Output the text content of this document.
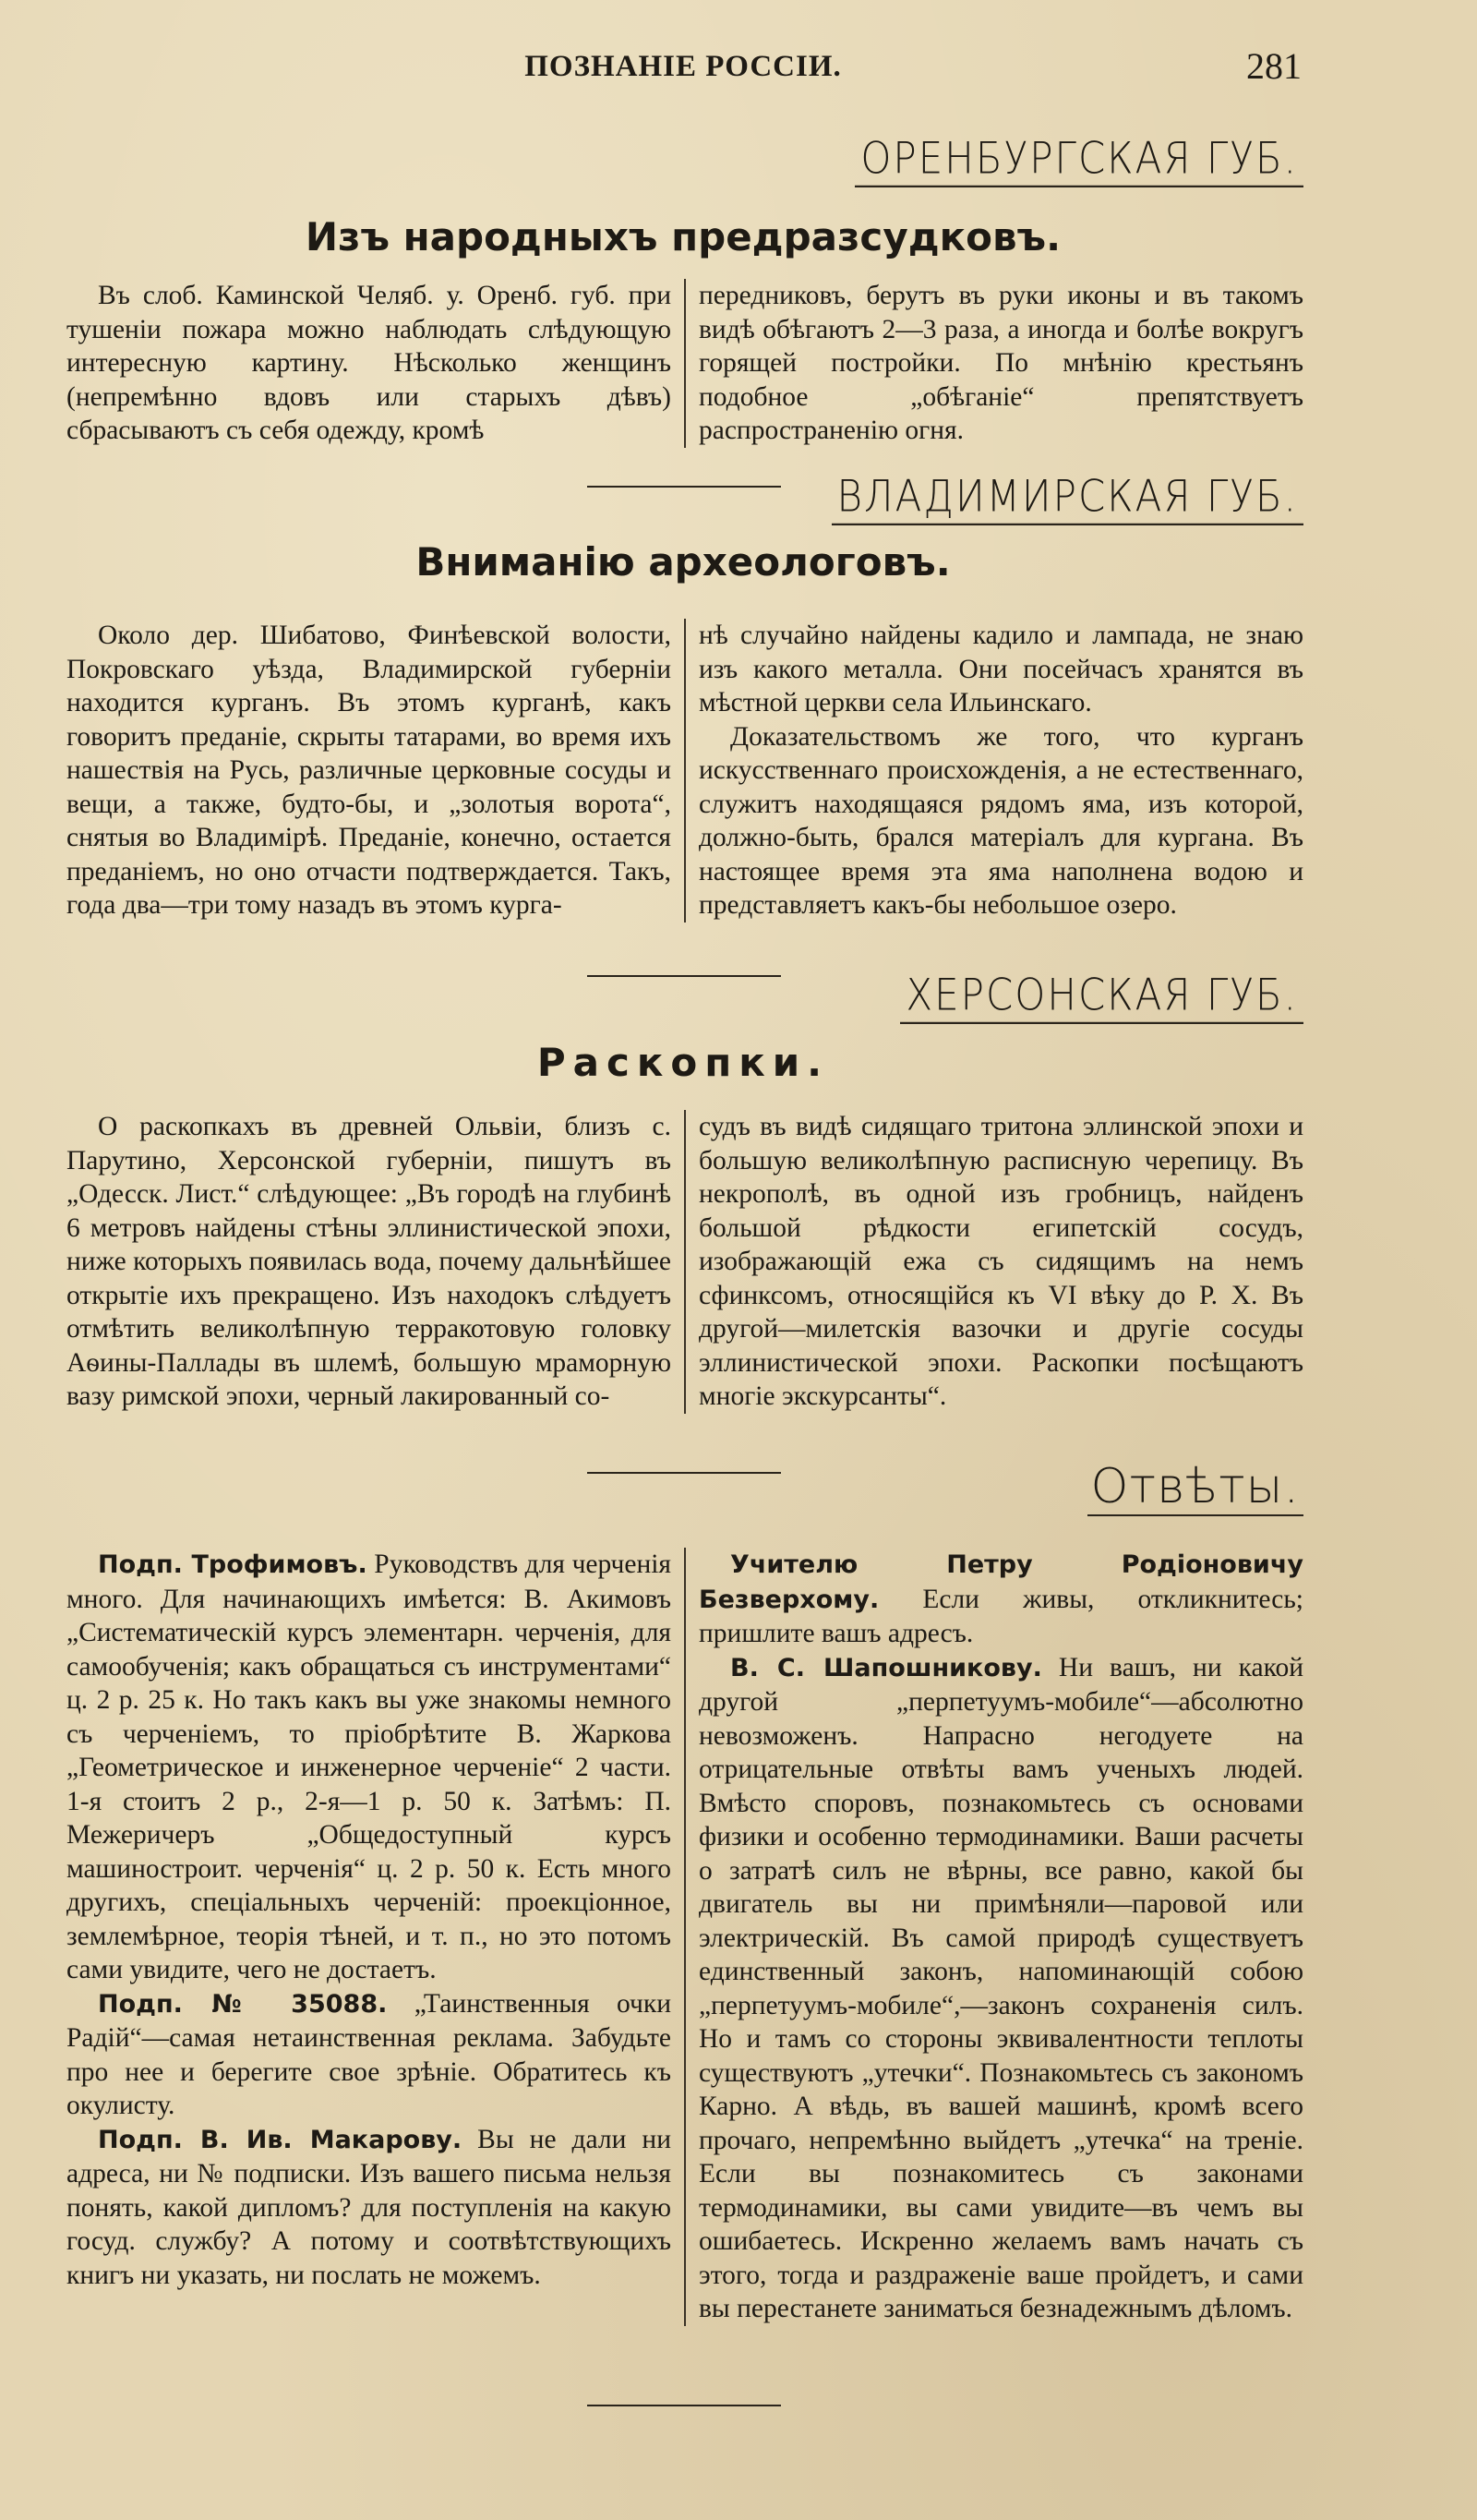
ПОЗНАНІЕ РОССІИ.	281
ОРЕНБУРГСКАЯ ГУБ.
Изъ народныхъ предразсудковъ.

Въ слоб. Каминской Челяб. у. Оренб. губ. при тушеніи пожара можно наблюдать слѣдующую интересную картину. Нѣсколько женщинъ (непремѣнно вдовъ или старыхъ дѣвъ) сбрасываютъ съ себя одежду, кромѣ

передниковъ, берутъ въ руки иконы и въ такомъ видѣ обѣгаютъ 2—3 раза, а иногда и болѣе вокругъ горящей постройки. По мнѣнію крестьянъ подобное „обѣганіе“ препятствуетъ распространенію огня.

ВЛАДИМИРСКАЯ ГУБ.
Вниманію археологовъ.

Около дер. Шибатово, Финѣевской волости, Покровскаго уѣзда, Владимирской губерніи находится курганъ. Въ этомъ курганѣ, какъ говоритъ преданіе, скрыты татарами, во время ихъ нашествія на Русь, различные церковные сосуды и вещи, а также, будто-бы, и „золотыя ворота“, снятыя во Владимірѣ. Преданіе, конечно, остается преданіемъ, но оно отчасти подтверждается. Такъ, года два—три тому назадъ въ этомъ курга-

нѣ случайно найдены кадило и лампада, не знаю изъ какого металла. Они посейчасъ хранятся въ мѣстной церкви села Ильинскаго.

Доказательствомъ же того, что курганъ искусственнаго происхожденія, а не естественнаго, служитъ находящаяся рядомъ яма, изъ которой, должно-быть, брался матеріалъ для кургана. Въ настоящее время эта яма наполнена водою и представляетъ какъ-бы небольшое озеро.

ХЕРСОНСКАЯ ГУБ.
Раскопки.

О раскопкахъ въ древней Ольвіи, близъ с. Парутино, Херсонской губерніи, пишутъ въ „Одесск. Лист.“ слѣдующее: „Въ городѣ на глубинѣ 6 метровъ найдены стѣны эллинистической эпохи, ниже которыхъ появилась вода, почему дальнѣйшее открытіе ихъ прекращено. Изъ находокъ слѣдуетъ отмѣтить великолѣпную терракотовую головку Аѳины-Паллады въ шлемѣ, большую мраморную вазу римской эпохи, черный лакированный со-

судъ въ видѣ сидящаго тритона эллинской эпохи и большую великолѣпную расписную черепицу. Въ некрополѣ, въ одной изъ гробницъ, найденъ большой рѣдкости египетскій сосудъ, изображающій ежа съ сидящимъ на немъ сфинксомъ, относящійся къ VI вѣку до Р. Х. Въ другой—милетскія вазочки и другіе сосуды эллинистической эпохи. Раскопки посѣщаютъ многіе экскурсанты“.

Отвѣты.

Подп. Трофимовъ. Руководствъ для черченія много. Для начинающихъ имѣется: В. Акимовъ „Систематическій курсъ элементарн. черченія, для самообученія; какъ обращаться съ инструментами“ ц. 2 р. 25 к. Но такъ какъ вы уже знакомы немного съ черченіемъ, то пріобрѣтите В. Жаркова „Геометрическое и инженерное черченіе“ 2 части. 1-я стоитъ 2 р., 2-я—1 р. 50 к. Затѣмъ: П. Межеричеръ „Общедоступный курсъ машиностроит. черченія“ ц. 2 р. 50 к. Есть много другихъ, спеціальныхъ черченій: проекціонное, землемѣрное, теорія тѣней, и т. п., но это потомъ сами увидите, чего не достаетъ.

Подп. № 35088. „Таинственныя очки Радій“—самая нетаинственная реклама. Забудьте про нее и берегите свое зрѣніе. Обратитесь къ окулисту.

Подп. В. Ив. Макарову. Вы не дали ни адреса, ни № подписки. Изъ вашего письма нельзя понять, какой дипломъ? для поступленія на какую госуд. службу? А потому и соотвѣтствующихъ книгъ ни указать, ни послать не можемъ.

Учителю Петру Родіоновичу Безверхому. Если живы, откликнитесь; пришлите вашъ адресъ.

В. С. Шапошникову. Ни вашъ, ни какой другой „перпетуумъ-мобиле“—абсолютно невозможенъ. Напрасно негодуете на отрицательные отвѣты вамъ ученыхъ людей. Вмѣсто споровъ, познакомьтесь съ основами физики и особенно термодинамики. Ваши расчеты о затратѣ силъ не вѣрны, все равно, какой бы двигатель вы ни примѣняли—паровой или электрическій. Въ самой природѣ существуетъ единственный законъ, напоминающій собою „перпетуумъ-мобиле“,—законъ сохраненія силъ. Но и тамъ со стороны эквивалентности теплоты существуютъ „утечки“. Познакомьтесь съ закономъ Карно. А вѣдь, въ вашей машинѣ, кромѣ всего прочаго, непремѣнно выйдетъ „утечка“ на треніе. Если вы познакомитесь съ законами термодинамики, вы сами увидите—въ чемъ вы ошибаетесь. Искренно желаемъ вамъ начать съ этого, тогда и раздраженіе ваше пройдетъ, и сами вы перестанете заниматься безнадежнымъ дѣломъ.
